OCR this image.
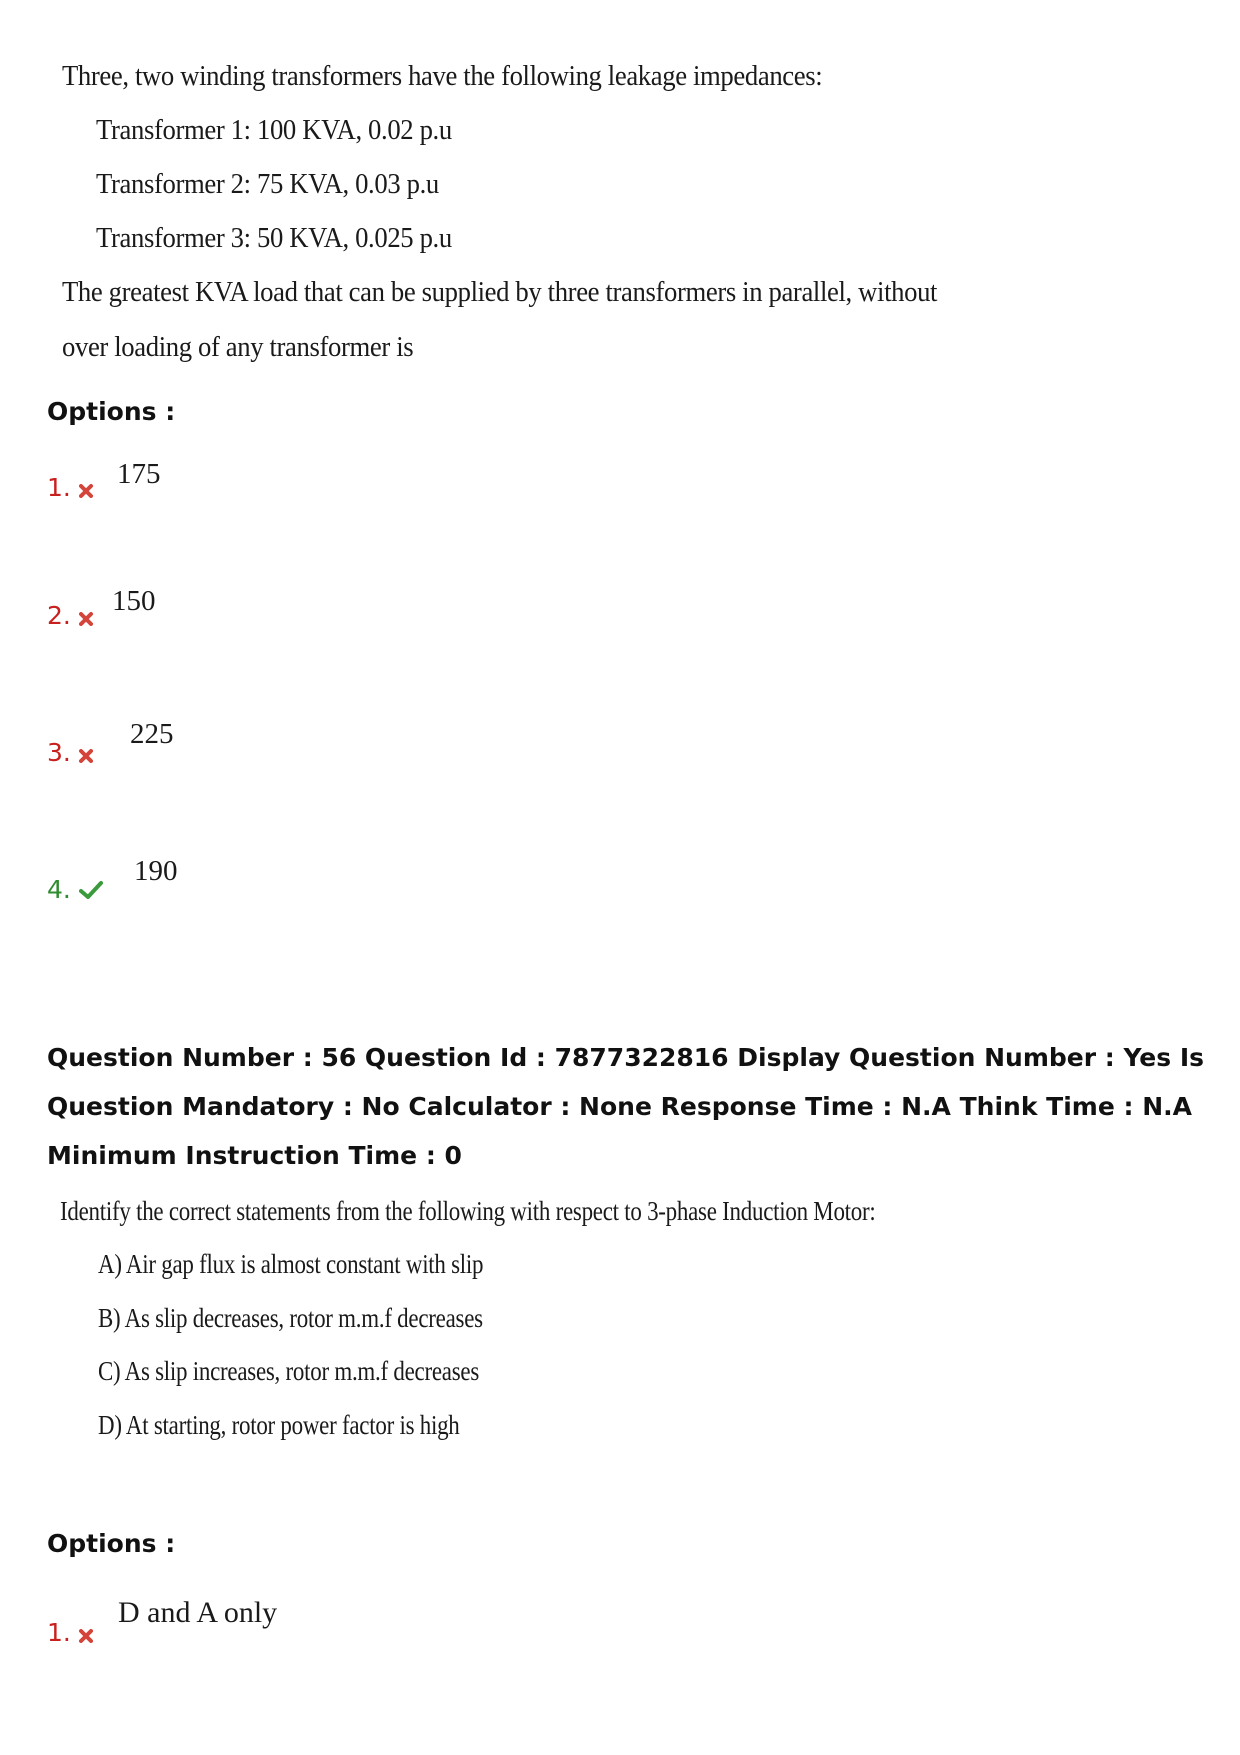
Three, two winding transformers have the following leakage impedances:
Transformer 1: 100 KVA, 0.02 p.u
Transformer 2: 75 KVA, 0.03 p.u
Transformer 3: 50 KVA, 0.025 p.u
The greatest KVA load that can be supplied by three transformers in parallel, without
over loading of any transformer is
Options :
1.	175
2.	150
3.
225
4.
190
Question Number : 56 Question Id : 7877322816 Display Question Number : Yes Is Question Mandatory : No Calculator : None Response Time : N.A Think Time : N.A Minimum Instruction Time : 0
Identify the correct statements from the following with respect to 3-phase Induction Motor:
A) Air gap flux is almost constant with slip
B) As slip decreases, rotor m.m.f decreases
C) As slip increases, rotor m.m.f decreases
D) At starting, rotor power factor is high
Options :
1.
D and A only
